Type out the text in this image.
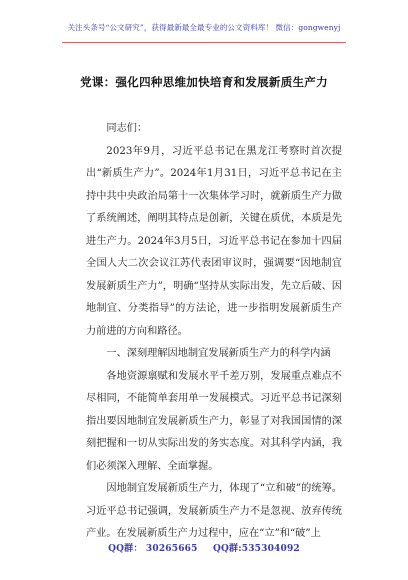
关注头条号“公文研究”，获得最新最全最专业的公文资料库！ 微信：gongwenyj
党课：强化四种思维加快培育和发展新质生产力

同志们：

2023年9月，习近平总书记在黑龙江考察时首次提出“新质生产力”。2024年1月31日，习近平总书记在主持中共中央政治局第十一次集体学习时，就新质生产力做了系统阐述，阐明其特点是创新，关键在质优，本质是先进生产力。2024年3月5日，习近平总书记在参加十四届全国人大二次会议江苏代表团审议时，强调要“因地制宜发展新质生产力”，明确“坚持从实际出发，先立后破、因地制宜、分类指导”的方法论，进一步指明发展新质生产力前进的方向和路径。

一、深刻理解因地制宜发展新质生产力的科学内涵

各地资源禀赋和发展水平千差万别，发展重点难点不尽相同，不能简单套用单一发展模式。习近平总书记深刻指出要因地制宜发展新质生产力，彰显了对我国国情的深刻把握和一切从实际出发的务实态度。对其科学内涵，我们必须深入理解、全面掌握。

因地制宜发展新质生产力，体现了“立和破”的统筹。习近平总书记强调，发展新质生产力不是忽视、放弃传统产业。在发展新质生产力过程中，应在“立”和“破”上

QQ群： 30265665 QQ群:535304092
